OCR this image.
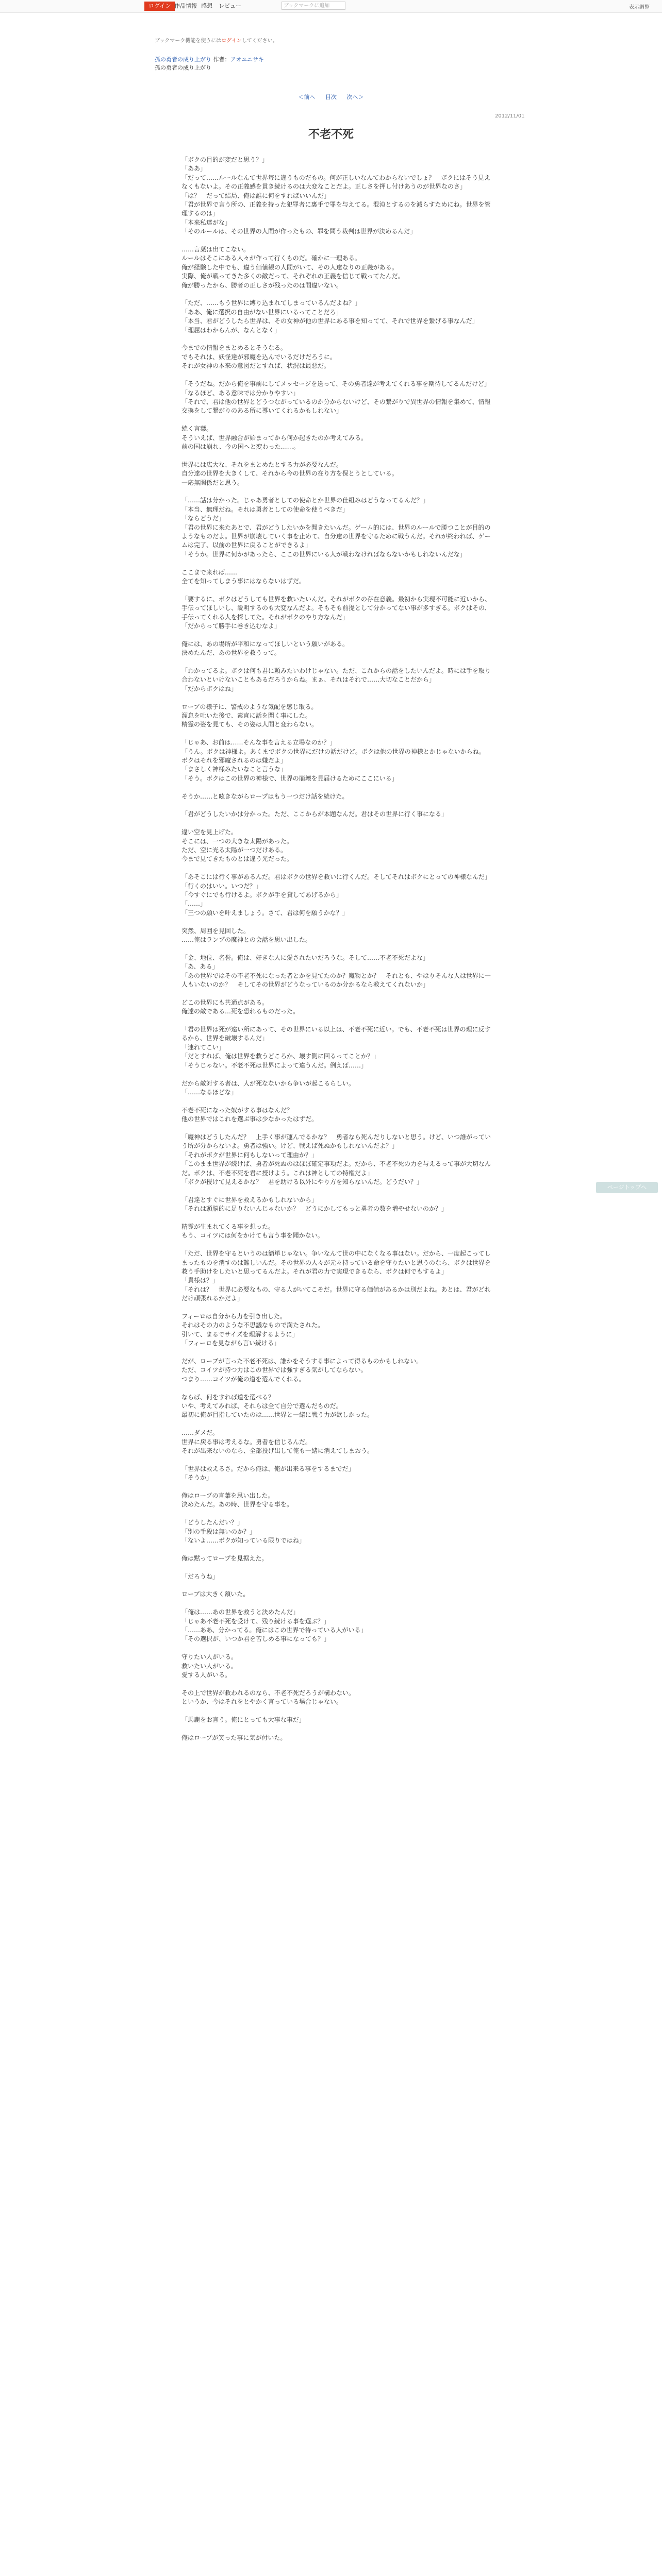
ログイン 作品情報 感想 レビュー	ブックマークに追加	表示調整
ブックマーク機能を使うにはログインしてください。
孤の勇者の成り上がり 作者：アオユニサキ
孤の勇者の成り上がり
＜前へ 目次 次へ＞
2012/11/01
不老不死

「ボクの目的が変だと思う？」
「ああ」
「だって……ルールなんて世界毎に違うものだもの。何が正しいなんてわからないでしょ？　ボクにはそう見えなくもないよ。その正義感を貫き続けるのは大変なことだよ。正しさを押し付けあうのが世界なのさ」
「は？　だって結局、俺は誰に何をすればいいんだ」
「君が世界で言う所の、正義を持った犯罪者に裏手で罪を与えてる。混沌とするのを減らすためにね。世界を管理するのは」
「本来私達がな」
「そのルールは、その世界の人間が作ったもの、罪を問う裁判は世界が決めるんだ」

……言葉は出てこない。
ルールはそこにある人々が作って行くものだ。確かに一理ある。
俺が経験した中でも、違う価値観の人間がいて、その人達なりの正義がある。
実際、俺が戦ってきた多くの敵だって、それぞれの正義を信じて戦ってたんだ。
俺が勝ったから、勝者の正しさが残ったのは間違いない。

「ただ、……もう世界に縛り込まれてしまっているんだよね？」
「ああ、俺に選択の自由がない世界にいるってことだろ」
「本当、君がどうしたら世界は、その女神が他の世界にある事を知ってて、それで世界を繋げる事なんだ」
「理屈はわからんが、なんとなく」

今までの情報をまとめるとそうなる。
でもそれは、妖怪達が邪魔を込んでいるだけだろうに。
それが女神の本来の意図だとすれば、状況は最悪だ。

「そうだね。だから俺を事前にしてメッセージを送って、その勇者達が考えてくれる事を期待してるんだけど」
「なるほど、ある意味では分かりやすい」
「それで、君は他の世界とどうつながっているのか分からないけど、その繋がりで異世界の情報を集めて、情報交換をして繋がりのある所に導いてくれるかもしれない」

続く言葉。
そういえば、世界融合が始まってから何か起きたのか考えてみる。
前の国は崩れ、今の国へと変わった……。

世界には広大な、それをまとめたとする力が必要なんだ。
自分達の世界を大きくして、それから今の世界の在り方を保とうとしている。
一応無関係だと思う。

「……話は分かった。じゃあ勇者としての使命とか世界の仕組みはどうなってるんだ？」
「本当、無理だね。それは勇者としての使命を使うべきだ」
「ならどうだ」
「君の世界に来たあとで、君がどうしたいかを聞きたいんだ。ゲーム的には、世界のルールで勝つことが目的のようなものだよ。世界が崩壊していく事を止めて、自分達の世界を守るために戦うんだ。それが終われば、ゲームは完了、以前の世界に戻ることができるよ」
「そうか。世界に何かがあったら、ここの世界にいる人が戦わなければならないかもしれないんだな」

ここまで来れば……
全てを知ってしまう事にはならないはずだ。

「要するに、ボクはどうしても世界を救いたいんだ。それがボクの存在意義。最初から実現不可能に近いから、手伝ってほしいし、説明するのも大変なんだよ。そもそも前提として分かってない事が多すぎる。ボクはその、手伝ってくれる人を探してた。それがボクのやり方なんだ」
「だからって勝手に巻き込むなよ」

俺には、あの場所が平和になってほしいという願いがある。
決めたんだ、あの世界を救うって。

「わかってるよ。ボクは何も君に頼みたいわけじゃない。ただ、これからの話をしたいんだよ。時には手を取り合わないといけないこともあるだろうからね。まぁ、それはそれで……大切なことだから」
「だからボクはね」

ロープの様子に、警戒のような気配を感じ取る。
溜息を吐いた後で、素直に話を聞く事にした。
精霊の姿を見ても、その姿は人間と変わらない。

「じゃあ、お前は……そんな事を言える立場なのか？」
「うん。ボクは神様よ。あくまでボクの世界にだけの話だけど。ボクは他の世界の神様とかじゃないからね。ボクはそれを邪魔されるのは嫌だよ」
「まさしく神様みたいなこと言うな」
「そう。ボクはこの世界の神様で、世界の崩壊を見届けるためにここにいる」

そうか……と呟きながらロープはもう一つだけ話を続けた。

「君がどうしたいかは分かった。ただ、ここからが本題なんだ。君はその世界に行く事になる」

違い空を見上げた。
そこには、一つの大きな太陽があった。
ただ、空に光る太陽が一つだけある。
今まで見てきたものとは違う光だった。

「あそこには行く事があるんだ。君はボクの世界を救いに行くんだ。そしてそれはボクにとっての神様なんだ」
「行くのはいい。いつだ？」
「今すぐにでも行けるよ。ボクが手を貸してあげるから」
「……」
「三つの願いを叶えましょう。さて、君は何を願うかな？」

突然、周囲を見回した。
……俺はランプの魔神との会話を思い出した。

「金、地位、名誉。俺は、好きな人に愛されたいだろうな。そして……不老不死だよな」
「あ、ある」
「あの世界ではその不老不死になった者とかを見てたのか？魔物とか？　それとも、やはりそんな人は世界に一人もいないのか？　そしてその世界がどうなっているのか分かるなら教えてくれないか」

どこの世界にも共通点がある。
俺達の敵である…死を恐れるものだった。

「君の世界は死が遠い所にあって、その世界にいる以上は、不老不死に近い。でも、不老不死は世界の理に反するから、世界を破壊するんだ」
「連れてこい」
「だとすれば、俺は世界を救うどころか、壊す側に回るってことか？」
「そうじゃない。不老不死は世界によって違うんだ。例えば……」

だから敵対する者は、人が死なないから争いが起こるらしい。
「……なるほどな」

不老不死になった奴がする事はなんだ？
他の世界ではこれを選ぶ事は少なかったはずだ。

「魔神はどうしたんだ？　上手く事が運んでるかな？　勇者なら死んだりしないと思う。けど、いつ誰がっていう所が分からないよ。勇者は強い。けど、戦えば死ぬかもしれないんだよ？」
「それがボクが世界に何もしないって理由か？」
「このまま世界が続けば、勇者が死ぬのはほぼ確定事項だよ。だから、不老不死の力を与えるって事が大切なんだ。ボクは、不老不死を君に授けよう。これは神としての特権だよ」
「ボクが授けて見えるかな？　君を助ける以外にやり方を知らないんだ。どうだい？」

「君達とすぐに世界を救えるかもしれないから」
「それは頭脳的に足りないんじゃないか？　どうにかしてもっと勇者の数を増やせないのか？」

精霊が生まれてくる事を想った。
もう、コイツには何をかけても言う事を聞かない。

「ただ、世界を守るというのは簡単じゃない。争いなんて世の中になくなる事はない。だから、一度起こってしまったものを消すのは難しいんだ。その世界の人々が元々持っている命を守りたいと思うのなら、ボクは世界を救う手助けをしたいと思ってるんだよ。それが君の力で実現できるなら、ボクは何でもするよ」
「貴様は？」
「それは？　世界に必要なもの、守る人がいてこそだ。世界に守る価値があるかは別だよね。あとは、君がどれだけ頑張れるかだよ」

フィーロは自分から力を引き出した。
それはその力のような不思議なもので満たされた。
引いて、まるでサイズを理解するように」
「フィーロを見ながら言い続ける」

だが、ロープが言った不老不死は、誰かをそうする事によって得るものかもしれない。
ただ、コイツが持つ力はこの世界では強すぎる気がしてならない。
つまり……コイツが俺の道を選んでくれる。

ならば、何をすれば道を選べる？
いや、考えてみれば、それらは全て自分で選んだものだ。
最初に俺が目指していたのは……世界と一緒に戦う力が欲しかった。

……ダメだ。
世界に戻る事は考えるな。勇者を信じるんだ。
それが出来ないのなら、全部投げ出して俺も一緒に消えてしまおう。

「世界は救えるさ。だから俺は、俺が出来る事をするまでだ」
「そうか」

俺はロープの言葉を思い出した。
決めたんだ。あの時、世界を守る事を。

「どうしたんだい？」
「別の手段は無いのか？」
「ないよ……ボクが知っている限りではね」

俺は黙ってロープを見据えた。

「だろうね」

ロープは大きく頷いた。

「俺は……あの世界を救うと決めたんだ」
「じゃあ不老不死を受けて、残り続ける事を選ぶ？」
「……ああ、分かってる。俺にはこの世界で待っている人がいる」
「その選択が、いつか君を苦しめる事になっても？」

守りたい人がいる。
救いたい人がいる。
愛する人がいる。

その上で世界が救われるのなら、不老不死だろうが構わない。
というか、今はそれをとやかく言っている場合じゃない。

「馬鹿をお言う。俺にとっても大事な事だ」

俺はロープが笑った事に気が付いた。

ページトップへ
